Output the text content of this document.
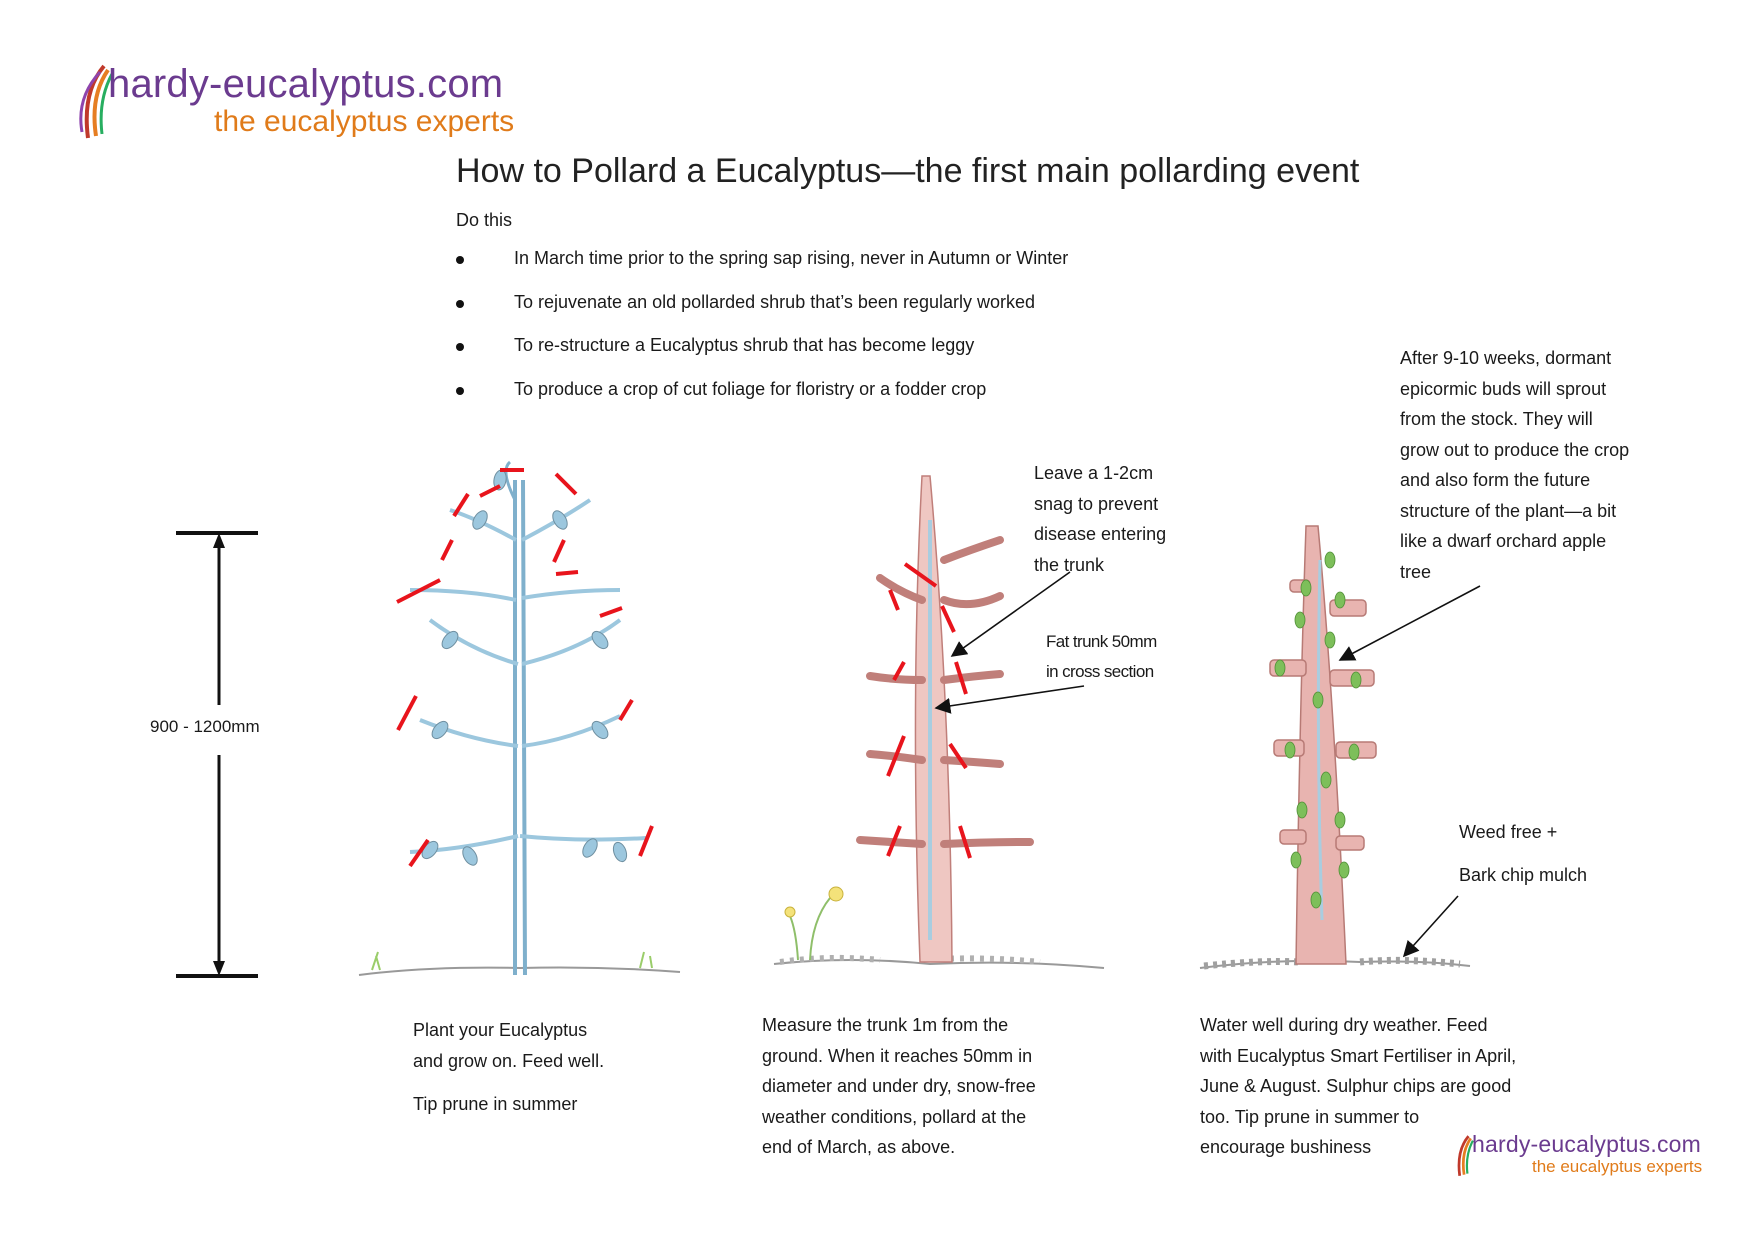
hardy-eucalyptus.com
the eucalyptus experts
How to Pollard a Eucalyptus—the first main pollarding event
Do this
In March time prior to the spring sap rising, never in Autumn or Winter
To rejuvenate an old pollarded shrub that’s been regularly worked
To re-structure a Eucalyptus shrub that has become leggy
To produce a crop of cut foliage for floristry or a fodder crop
900 - 1200mm
Leave a 1-2cm
snag to prevent
disease entering
the trunk
Fat trunk 50mm
in cross section
After 9-10 weeks, dormant
epicormic buds will sprout
from the stock. They will
grow out to produce the crop
and also form the future
structure of the plant—a bit
like a dwarf orchard apple
tree
Weed free +
Bark chip mulch
Plant your Eucalyptus
and grow on. Feed well.
Tip prune in summer
Measure the trunk 1m from the
ground. When it reaches 50mm in
diameter and under dry, snow-free
weather conditions, pollard at the
end of March, as above.
Water well during dry weather. Feed
with Eucalyptus Smart Fertiliser in April,
June & August. Sulphur chips are good
too. Tip prune in summer to
encourage bushiness	hardy-eucalyptus.com
the eucalyptus experts
